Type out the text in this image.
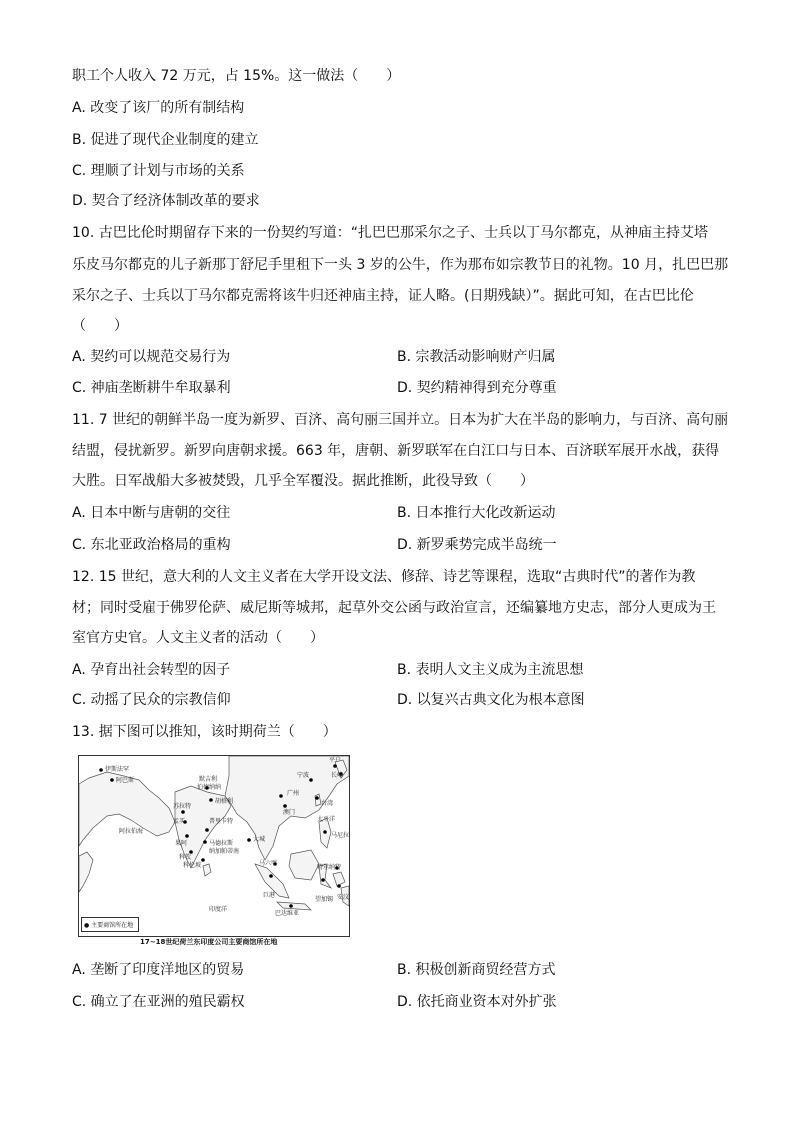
职工个人收入 72 万元，占 15%。这一做法（　　）
A. 改变了该厂的所有制结构
B. 促进了现代企业制度的建立
C. 理顺了计划与市场的关系
D. 契合了经济体制改革的要求
10. 古巴比伦时期留存下来的一份契约写道：“扎巴巴那采尔之子、士兵以丁马尔都克，从神庙主持艾塔
乐皮马尔都克的儿子新那丁舒尼手里租下一头 3 岁的公牛，作为那布如宗教节日的礼物。10 月，扎巴巴那
采尔之子、士兵以丁马尔都克需将该牛归还神庙主持，证人略。(日期残缺）”。据此可知，在古巴比伦
（　　）
A. 契约可以规范交易行为	B. 宗教活动影响财产归属
C. 神庙垄断耕牛牟取暴利	D. 契约精神得到充分尊重
11. 7 世纪的朝鲜半岛一度为新罗、百济、高句丽三国并立。日本为扩大在半岛的影响力，与百济、高句丽
结盟，侵扰新罗。新罗向唐朝求援。663 年，唐朝、新罗联军在白江口与日本、百济联军展开水战，获得
大胜。日军战船大多被焚毁，几乎全军覆没。据此推断，此役导致（　　）
A. 日本中断与唐朝的交往	B. 日本推行大化改新运动
C. 东北亚政治格局的重构	D. 新罗乘势完成半岛统一
12. 15 世纪，意大利的人文主义者在大学开设文法、修辞、诗艺等课程，选取“古典时代”的著作为教
材；同时受雇于佛罗伦萨、威尼斯等城邦，起草外交公函与政治宣言，还编纂地方史志，部分人更成为王
室官方史官。人文主义者的活动（　　）
A. 孕育出社会转型的因子	B. 表明人文主义成为主流思想
C. 动摇了民众的宗教信仰	D. 以复兴古典文化为根本意图
13. 据下图可以推知，该时期荷兰（　　）
伊斯法罕
阿巴斯	默吉利
伯德纳纳
胡格利
苏拉特
宁波
平户
长崎
广州
澳门
台湾
孟买	普里卡特
阿拉伯海
果阿	马德拉斯
大城
太平洋
科钦
纳加帕蒂南
马尼拉
科伦坡	马六甲
特尔纳特
安汶
巨港
巴达维亚
望加锡
印度洋
● 主要商馆所在地
17~18世纪荷兰东印度公司主要商馆所在地
A. 垄断了印度洋地区的贸易	B. 积极创新商贸经营方式
C. 确立了在亚洲的殖民霸权	D. 依托商业资本对外扩张
